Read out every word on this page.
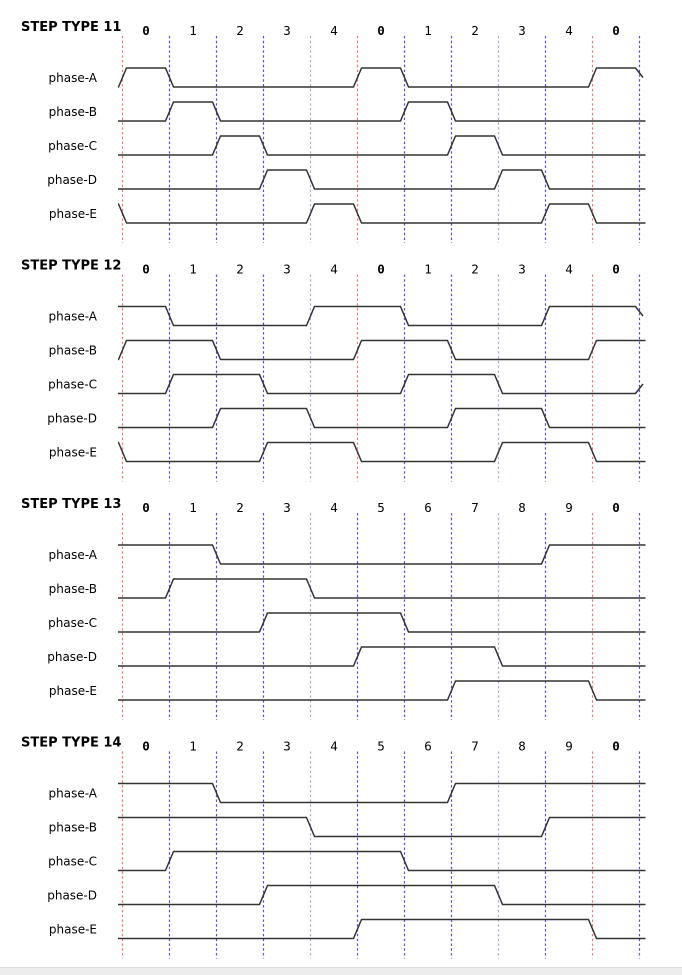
STEP TYPE 11 0	1	2	3	4	0	1	2	3	4	0
phase-A
phase-B
phase-C
phase-D
phase-E
STEP TYPE 12 0	1	2	3	4	0	1	2	3	4	0
phase-A
phase-B
phase-C
phase-D
phase-E
STEP TYPE 13 0	1	2	3	4	5	6	7	8	9	0
phase-A
phase-B
phase-C
phase-D
phase-E
STEP TYPE 14 0	1	2	3	4	5	6	7	8	9	0
phase-A
phase-B
phase-C
phase-D
phase-E
